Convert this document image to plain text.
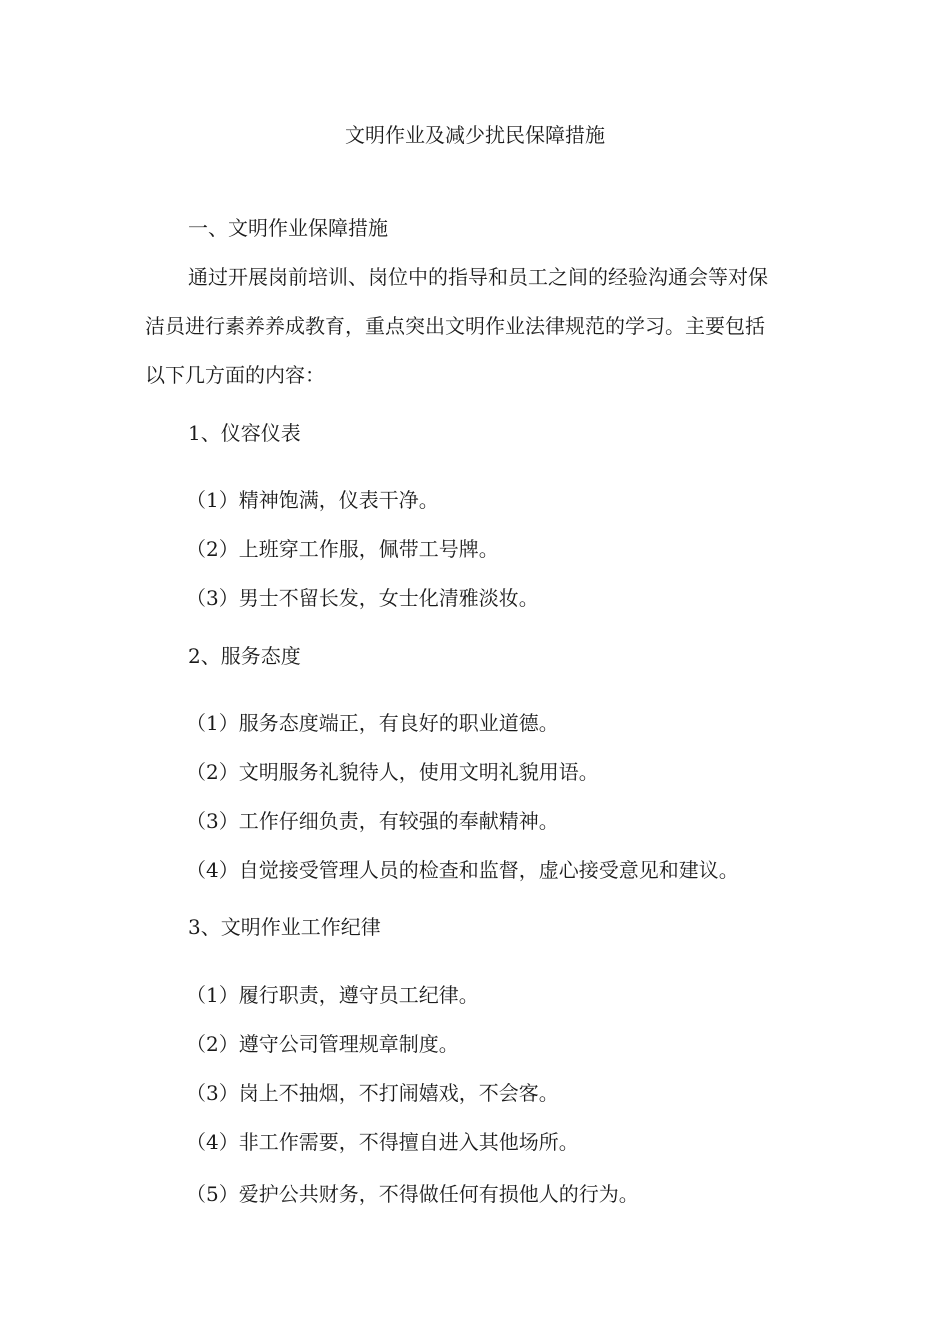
文明作业及减少扰民保障措施

一、文明作业保障措施

通过开展岗前培训、岗位中的指导和员工之间的经验沟通会等对保

洁员进行素养养成教育，重点突出文明作业法律规范的学习。主要包括

以下几方面的内容：

1、仪容仪表

（1）精神饱满，仪表干净。

（2）上班穿工作服，佩带工号牌。

（3）男士不留长发，女士化清雅淡妆。

2、服务态度

（1）服务态度端正，有良好的职业道德。

（2）文明服务礼貌待人，使用文明礼貌用语。

（3）工作仔细负责，有较强的奉献精神。

（4）自觉接受管理人员的检查和监督，虚心接受意见和建议。

3、文明作业工作纪律

（1）履行职责，遵守员工纪律。

（2）遵守公司管理规章制度。

（3）岗上不抽烟，不打闹嬉戏，不会客。

（4）非工作需要，不得擅自进入其他场所。

（5）爱护公共财务，不得做任何有损他人的行为。
